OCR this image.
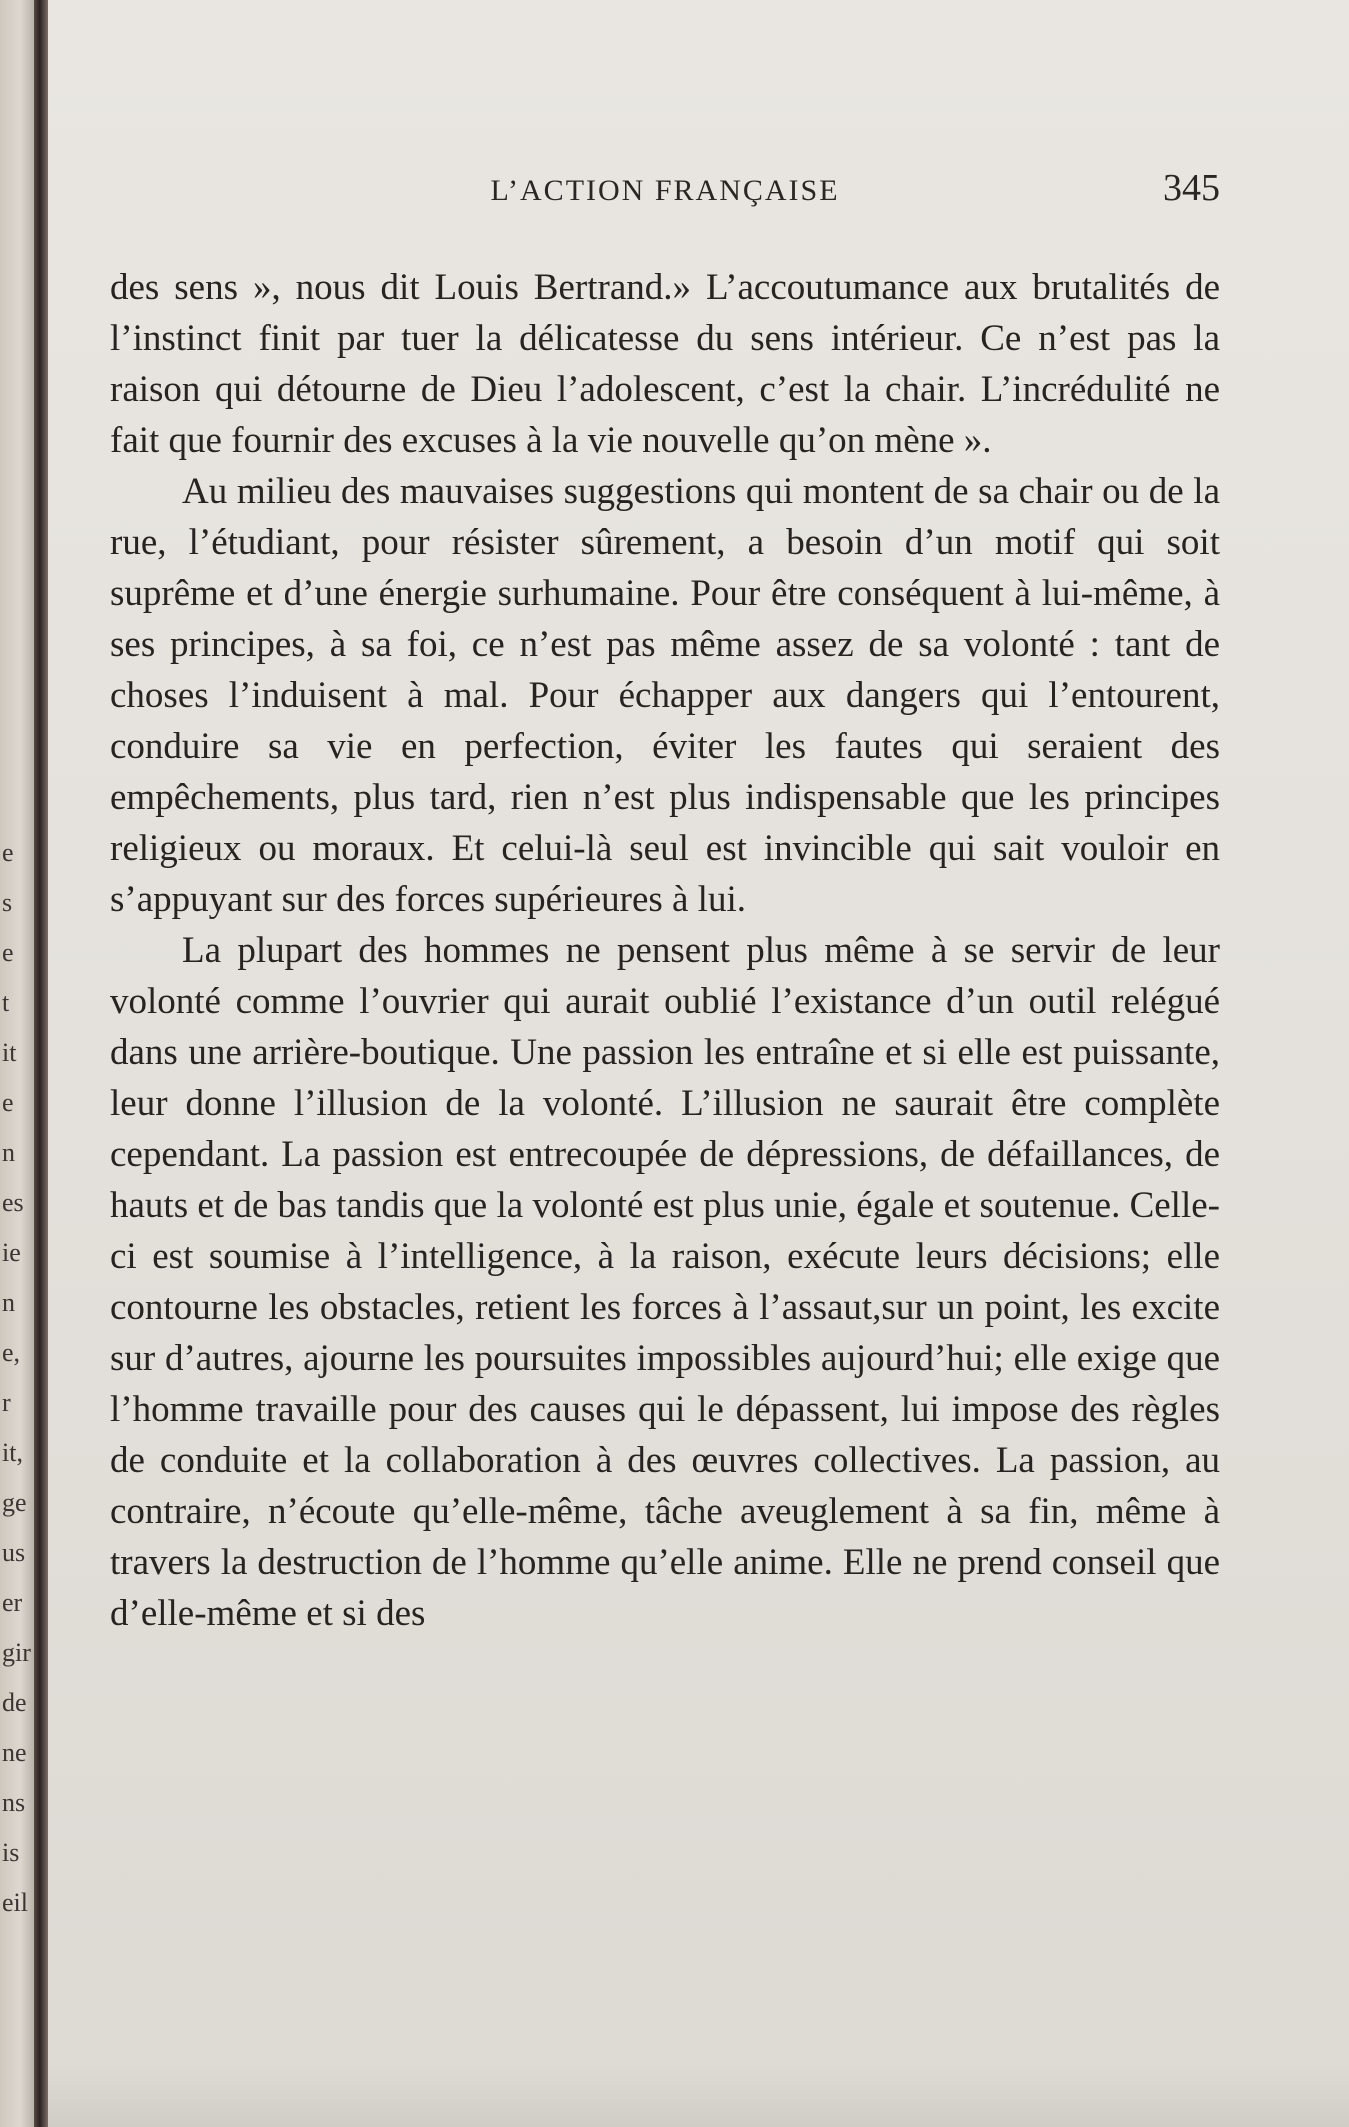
e
s
e
t
it
e
n
es
ie
n
e,
r
it,
ge
us
er
gir
de
ne
ns
is
eil
L’ACTION FRANÇAISE	345

des sens », nous dit Louis Bertrand.» L’accoutumance aux brutalités de l’instinct finit par tuer la délicatesse du sens intérieur. Ce n’est pas la raison qui détourne de Dieu l’adolescent, c’est la chair. L’incrédulité ne fait que fournir des excuses à la vie nouvelle qu’on mène ».

Au milieu des mauvaises suggestions qui montent de sa chair ou de la rue, l’étudiant, pour résister sûrement, a besoin d’un motif qui soit suprême et d’une énergie surhumaine. Pour être conséquent à lui-même, à ses principes, à sa foi, ce n’est pas même assez de sa volonté : tant de choses l’induisent à mal. Pour échapper aux dangers qui l’entourent, conduire sa vie en perfection, éviter les fautes qui seraient des empêchements, plus tard, rien n’est plus indispensable que les principes religieux ou moraux. Et celui-là seul est invincible qui sait vouloir en s’appuyant sur des forces supérieures à lui.

La plupart des hommes ne pensent plus même à se servir de leur volonté comme l’ouvrier qui aurait oublié l’existance d’un outil relégué dans une arrière-boutique. Une passion les entraîne et si elle est puissante, leur donne l’illusion de la volonté. L’illusion ne saurait être complète cependant. La passion est entrecoupée de dépressions, de défaillances, de hauts et de bas tandis que la volonté est plus unie, égale et soutenue. Celle-ci est soumise à l’intelligence, à la raison, exécute leurs décisions; elle contourne les obstacles, retient les forces à l’assaut,sur un point, les excite sur d’autres, ajourne les poursuites impossibles aujourd’hui; elle exige que l’homme travaille pour des causes qui le dépassent, lui impose des règles de conduite et la collaboration à des œuvres collectives. La passion, au contraire, n’écoute qu’elle-même, tâche aveuglement à sa fin, même à travers la destruction de l’homme qu’elle anime. Elle ne prend conseil que d’elle-même et si des
